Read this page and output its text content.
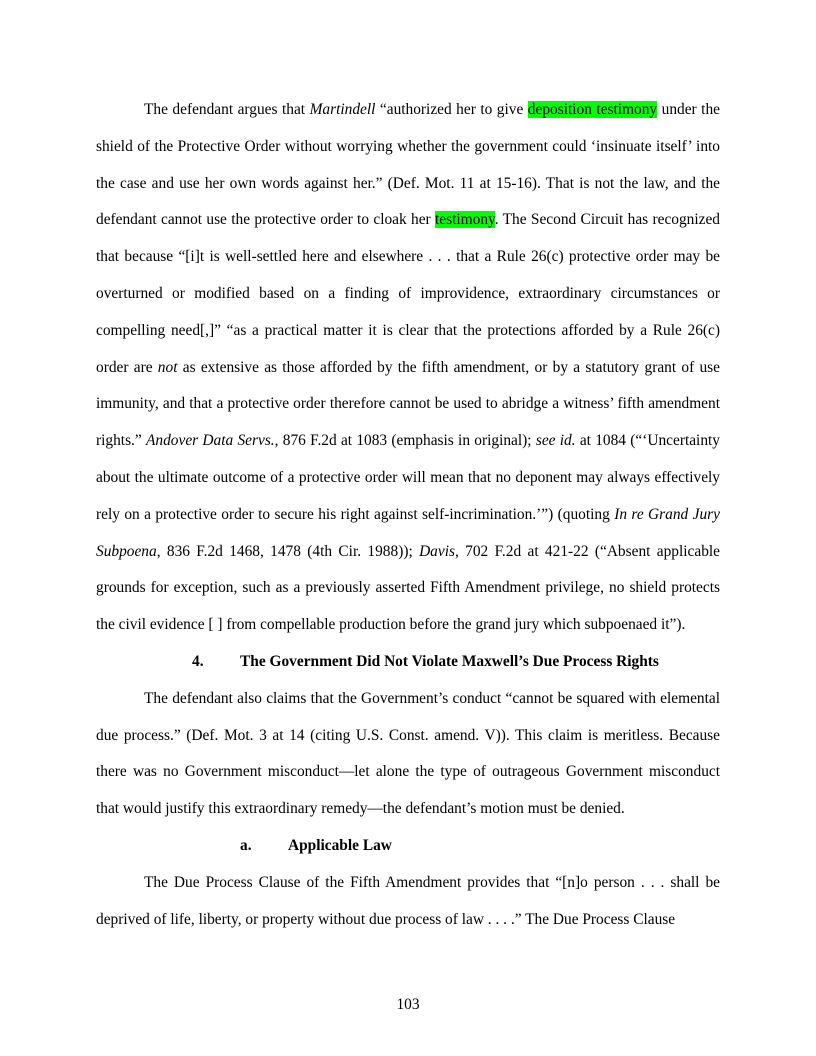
The defendant argues that Martindell “authorized her to give deposition testimony under the shield of the Protective Order without worrying whether the government could ‘insinuate itself’ into the case and use her own words against her.” (Def. Mot. 11 at 15-16). That is not the law, and the defendant cannot use the protective order to cloak her testimony. The Second Circuit has recognized that because “[i]t is well-settled here and elsewhere . . . that a Rule 26(c) protective order may be overturned or modified based on a finding of improvidence, extraordinary circumstances or compelling need[,]” “as a practical matter it is clear that the protections afforded by a Rule 26(c) order are not as extensive as those afforded by the fifth amendment, or by a statutory grant of use immunity, and that a protective order therefore cannot be used to abridge a witness’ fifth amendment rights.” Andover Data Servs., 876 F.2d at 1083 (emphasis in original); see id. at 1084 (“‘Uncertainty about the ultimate outcome of a protective order will mean that no deponent may always effectively rely on a protective order to secure his right against self-incrimination.’”) (quoting In re Grand Jury Subpoena, 836 F.2d 1468, 1478 (4th Cir. 1988)); Davis, 702 F.2d at 421-22 (“Absent applicable grounds for exception, such as a previously asserted Fifth Amendment privilege, no shield protects the civil evidence [ ] from compellable production before the grand jury which subpoenaed it”).

4. The Government Did Not Violate Maxwell’s Due Process Rights

The defendant also claims that the Government’s conduct “cannot be squared with elemental due process.” (Def. Mot. 3 at 14 (citing U.S. Const. amend. V)). This claim is meritless. Because there was no Government misconduct—let alone the type of outrageous Government misconduct that would justify this extraordinary remedy—the defendant’s motion must be denied.

a. Applicable Law

The Due Process Clause of the Fifth Amendment provides that “[n]o person . . . shall be deprived of life, liberty, or property without due process of law . . . .” The Due Process Clause

103
